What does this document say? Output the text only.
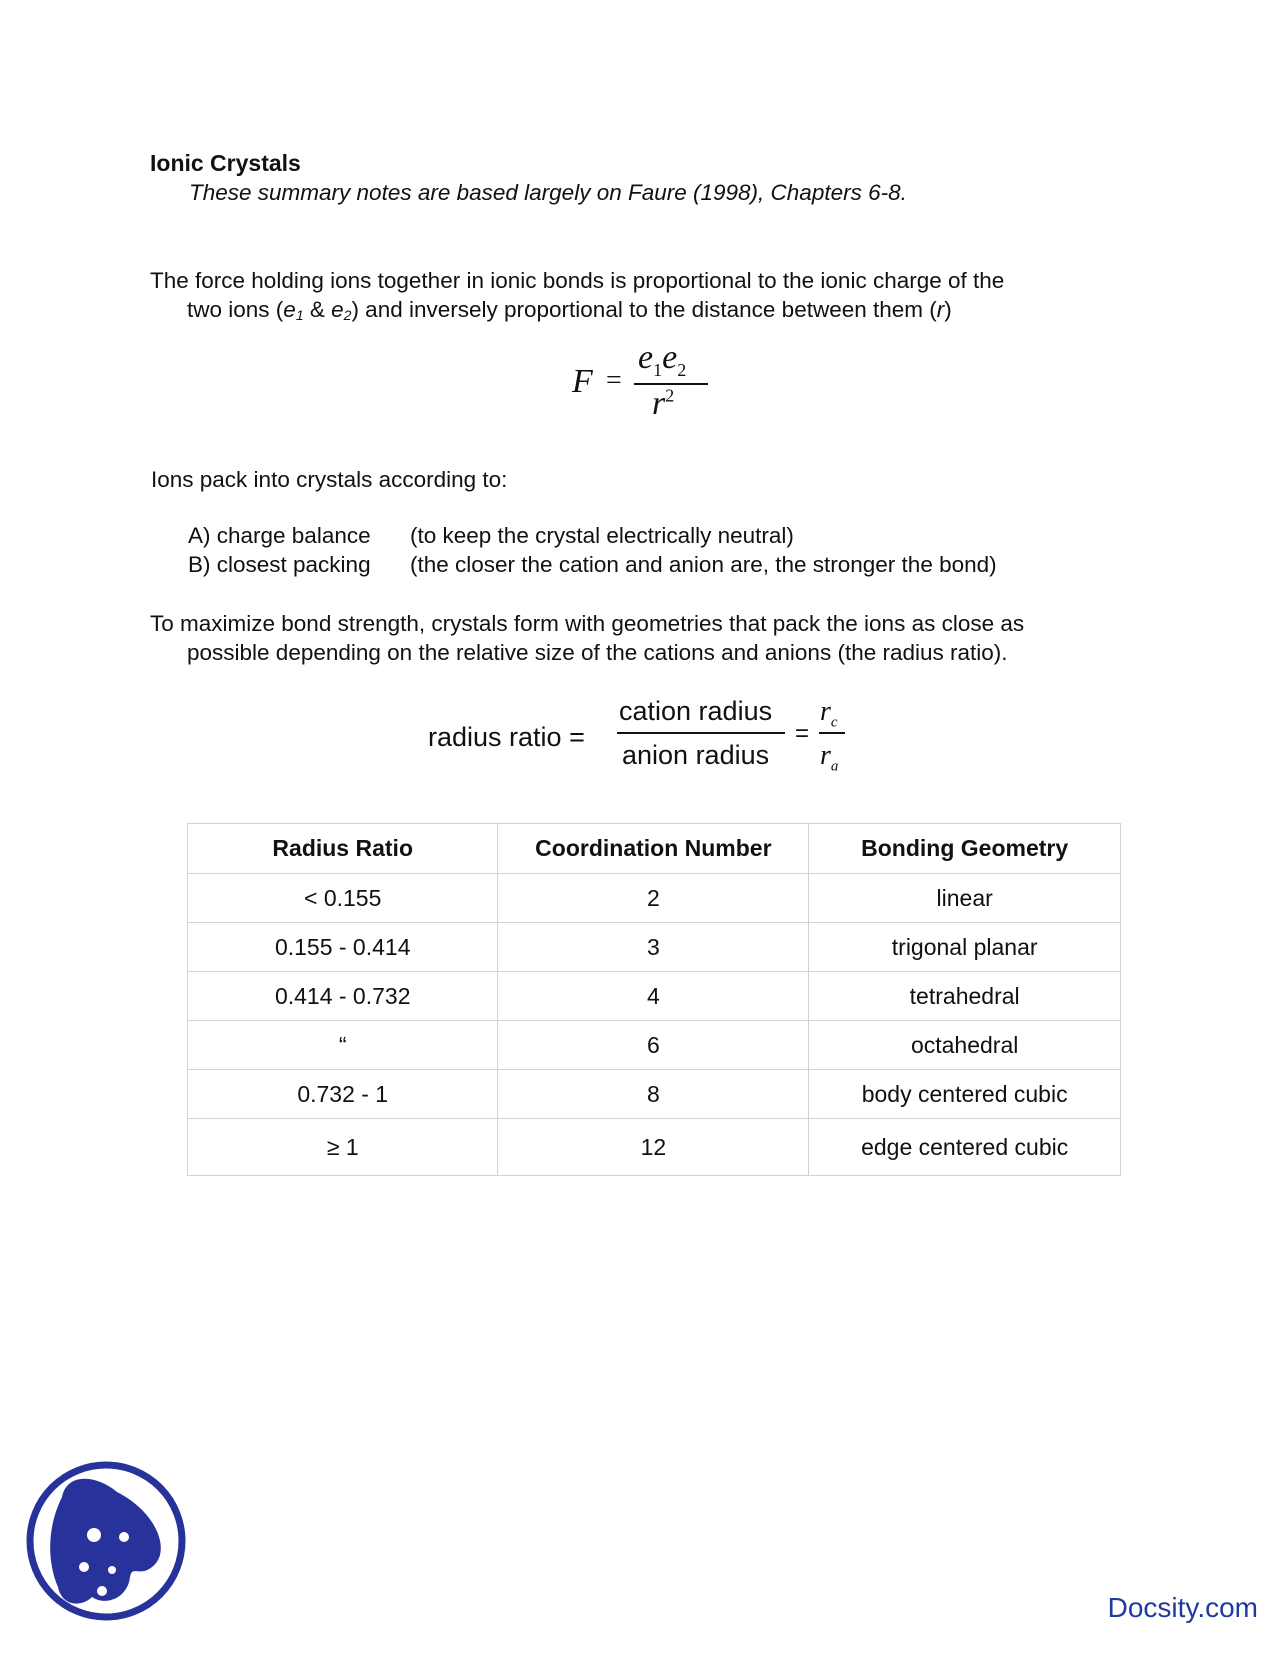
Ionic Crystals
These summary notes are based largely on Faure (1998), Chapters 6-8.
The force holding ions together in ionic bonds is proportional to the ionic charge of the
two ions ($e_1$ & $e_2$) and inversely proportional to the distance between them (r)
F =
$e_1e_2$
$r^2$
Ions pack into crystals according to:
A) charge balance (to keep the crystal electrically neutral)
B) closest packing (the closer the cation and anion are, the stronger the bond)
To maximize bond strength, crystals form with geometries that pack the ions as close as
possible depending on the relative size of the cations and anions (the radius ratio).
radius ratio =
cation radius
anion radius
=
$r_c$
$r_a$
Radius Ratio	Coordination Number	Bonding Geometry
< 0.155	2	linear
0.155 - 0.414	3	trigonal planar
0.414 - 0.732	4	tetrahedral
“	6	octahedral
0.732 - 1	8	body centered cubic
≥ 1	12	edge centered cubic
Docsity.com
